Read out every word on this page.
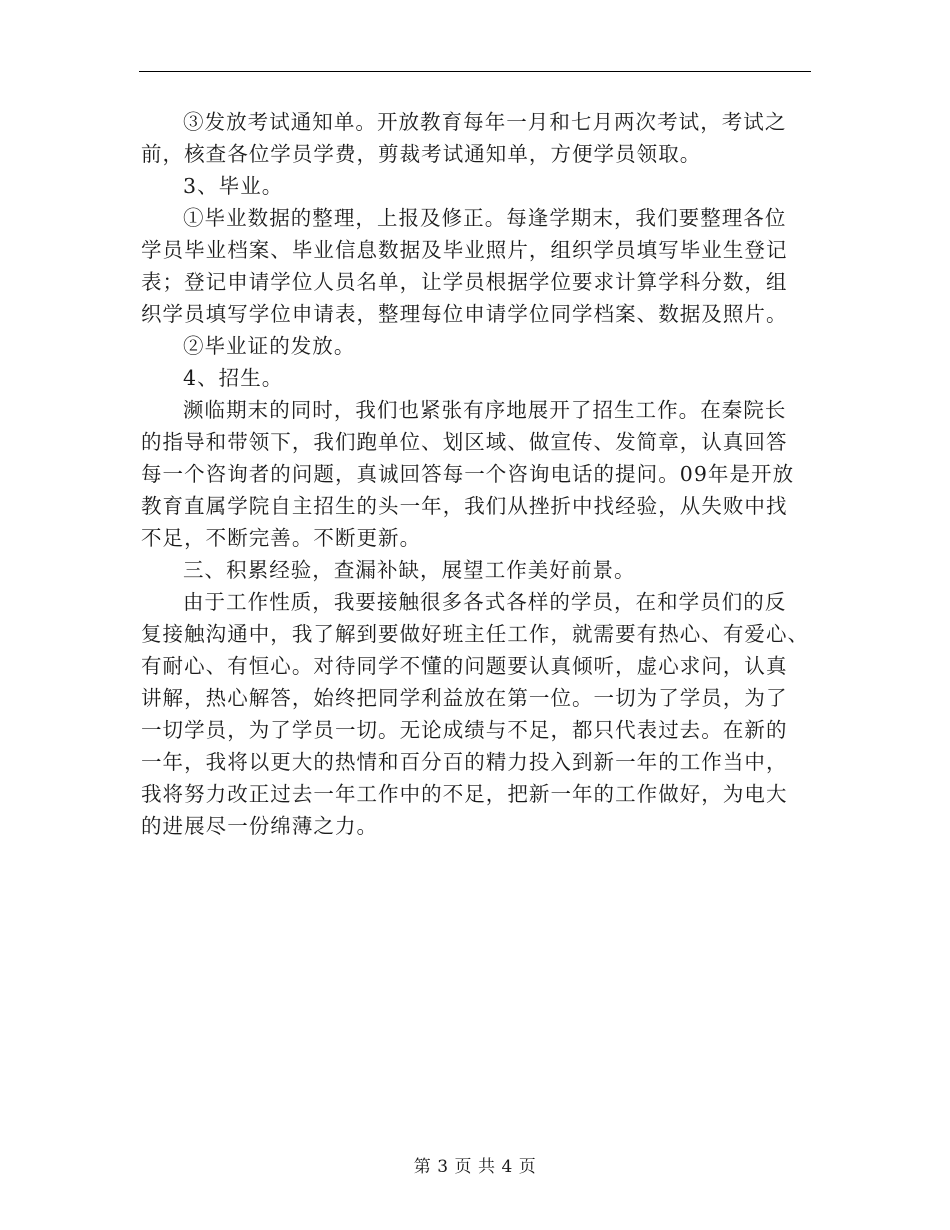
③发放考试通知单。开放教育每年一月和七月两次考试，考试之
前，核查各位学员学费，剪裁考试通知单，方便学员领取。

3、毕业。

①毕业数据的整理，上报及修正。每逢学期末，我们要整理各位
学员毕业档案、毕业信息数据及毕业照片，组织学员填写毕业生登记
表；登记申请学位人员名单，让学员根据学位要求计算学科分数，组
织学员填写学位申请表，整理每位申请学位同学档案、数据及照片。

②毕业证的发放。

4、招生。

濒临期末的同时，我们也紧张有序地展开了招生工作。在秦院长
的指导和带领下，我们跑单位、划区域、做宣传、发简章，认真回答
每一个咨询者的问题，真诚回答每一个咨询电话的提问。09年是开放
教育直属学院自主招生的头一年，我们从挫折中找经验，从失败中找
不足，不断完善。不断更新。

三、积累经验，查漏补缺，展望工作美好前景。

由于工作性质，我要接触很多各式各样的学员，在和学员们的反
复接触沟通中，我了解到要做好班主任工作，就需要有热心、有爱心、
有耐心、有恒心。对待同学不懂的问题要认真倾听，虚心求问，认真
讲解，热心解答，始终把同学利益放在第一位。一切为了学员，为了
一切学员，为了学员一切。无论成绩与不足，都只代表过去。在新的
一年，我将以更大的热情和百分百的精力投入到新一年的工作当中，
我将努力改正过去一年工作中的不足，把新一年的工作做好，为电大
的进展尽一份绵薄之力。

第 3 页 共 4 页
